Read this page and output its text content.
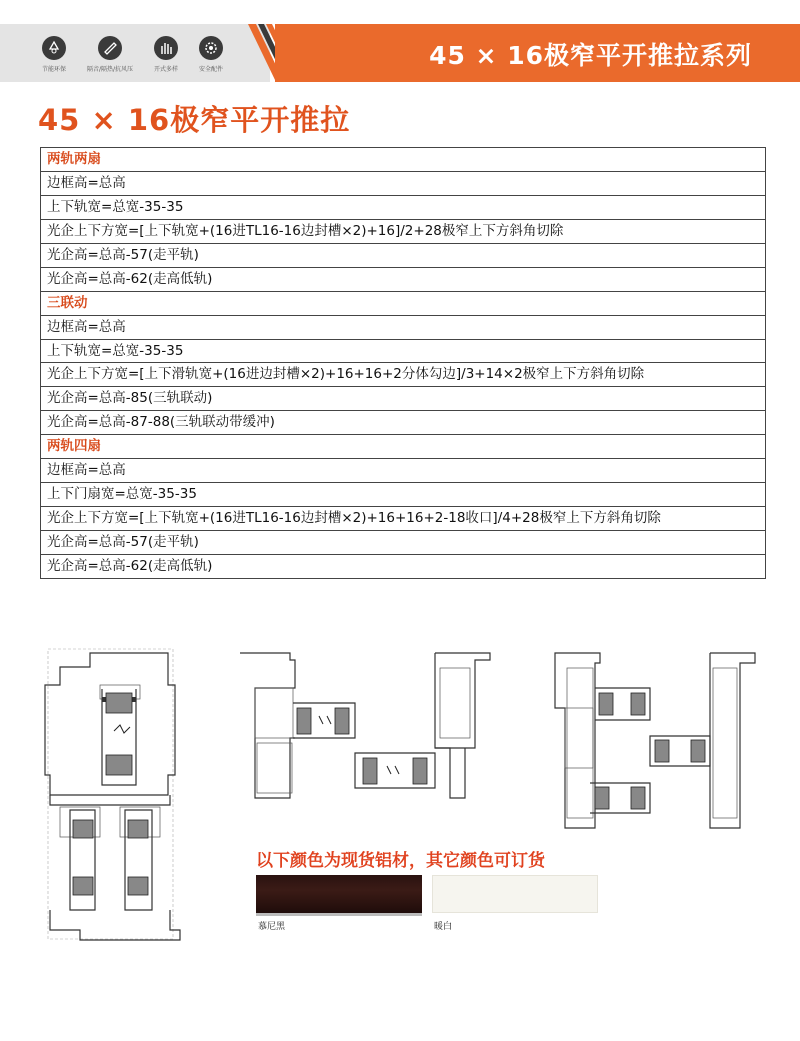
节能环保	隔音/隔热/抗风压	开式多样	安全配件	45 × 16极窄平开推拉系列
45 × 16极窄平开推拉
两轨两扇
边框高=总高
上下轨宽=总宽-35-35
光企上下方宽=[上下轨宽+(16进TL16-16边封槽×2)+16]/2+28极窄上下方斜角切除
光企高=总高-57(走平轨)
光企高=总高-62(走高低轨)
三联动
边框高=总高
上下轨宽=总宽-35-35
光企上下方宽=[上下滑轨宽+(16进边封槽×2)+16+16+2分体勾边]/3+14×2极窄上下方斜角切除
光企高=总高-85(三轨联动)
光企高=总高-87-88(三轨联动带缓冲)
两轨四扇
边框高=总高
上下门扇宽=总宽-35-35
光企上下方宽=[上下轨宽+(16进TL16-16边封槽×2)+16+16+2-18收口]/4+28极窄上下方斜角切除
光企高=总高-57(走平轨)
光企高=总高-62(走高低轨)
以下颜色为现货铝材，其它颜色可订货
慕尼黑	暖白
